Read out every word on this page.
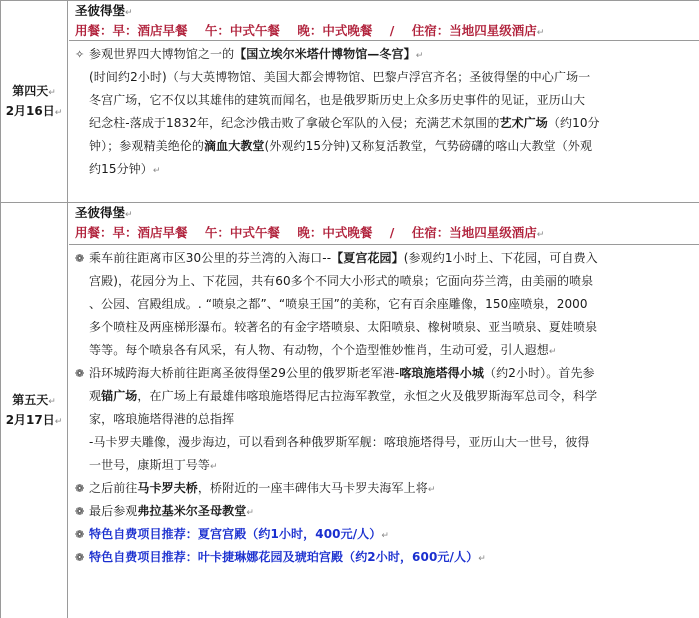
第四天↵
2月16日↵
圣彼得堡↵
用餐：早：酒店早餐    午：中式午餐    晚：中式晚餐    /    住宿：当地四星级酒店↵
✧ 参观世界四大博物馆之一的【国立埃尔米塔什博物馆—冬宫】↵
(时间约2小时)（与大英博物馆、美国大都会博物馆、巴黎卢浮宫齐名；圣彼得堡的中心广场一
冬宫广场，它不仅以其雄伟的建筑而闻名，也是俄罗斯历史上众多历史事件的见证，亚历山大
纪念柱-落成于1832年，纪念沙俄击败了拿破仑军队的入侵；充满艺术氛围的艺术广场（约10分
钟）；参观精美绝伦的滴血大教堂(外观约15分钟)又称复活教堂，气势磅礴的喀山大教堂（外观
约15分钟）↵
第五天↵
2月17日↵
圣彼得堡↵
用餐：早：酒店早餐    午：中式午餐    晚：中式晚餐    /    住宿：当地四星级酒店↵
❁ 乘车前往距离市区30公里的芬兰湾的入海口--【夏宫花园】(参观约1小时上、下花园，可自费入
宫殿)，花园分为上、下花园，共有60多个不同大小形式的喷泉；它面向芬兰湾，由美丽的喷泉
、公园、宫殿组成。. “喷泉之都”、“喷泉王国”的美称，它有百余座雕像，150座喷泉，2000
多个喷柱及两座梯形瀑布。较著名的有金字塔喷泉、太阳喷泉、橡树喷泉、亚当喷泉、夏娃喷泉
等等。每个喷泉各有风采，有人物、有动物，个个造型惟妙惟肖，生动可爱，引人遐想↵
❁ 沿环城跨海大桥前往距离圣彼得堡29公里的俄罗斯老军港-喀琅施塔得小城（约2小时）。首先参
观锚广场，在广场上有最雄伟喀琅施塔得尼古拉海军教堂，永恒之火及俄罗斯海军总司令，科学
家，喀琅施塔得港的总指挥
-马卡罗夫雕像，漫步海边，可以看到各种俄罗斯军舰：喀琅施塔得号，亚历山大一世号，彼得
一世号，康斯坦丁号等↵
❁ 之后前往马卡罗夫桥，桥附近的一座丰碑伟大马卡罗夫海军上将↵
❁ 最后参观弗拉基米尔圣母教堂↵
❁ 特色自费项目推荐：夏宫宫殿（约1小时，400元/人）↵
❁ 特色自费项目推荐：叶卡捷琳娜花园及琥珀宫殿（约2小时，600元/人）↵
